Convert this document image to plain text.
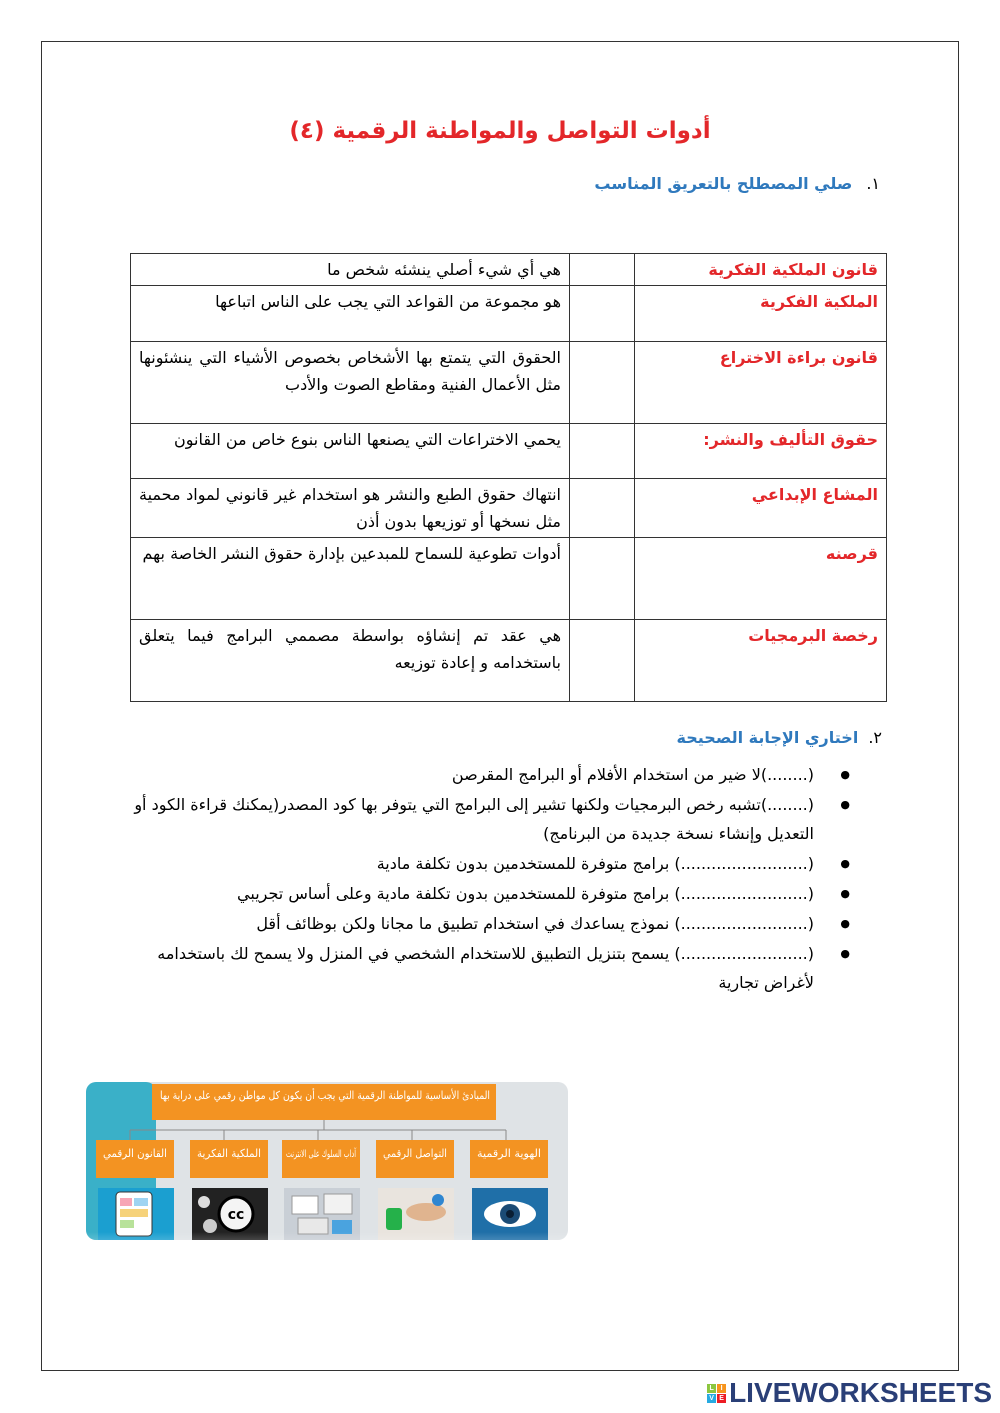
أدوات التواصل والمواطنة الرقمية (٤)
١.صلي المصطلح بالتعريق المناسب
قانون الملكية الفكرية		هي أي شيء أصلي ينشئه شخص ما
الملكية الفكرية		هو مجموعة من القواعد التي يجب على الناس اتباعها
قانون براءة الاختراع		الحقوق التي يتمتع بها الأشخاص بخصوص الأشياء التي ينشئونها مثل الأعمال الفنية ومقاطع الصوت والأدب
حقوق التأليف والنشر:		يحمي الاختراعات التي يصنعها الناس بنوع خاص من القانون
المشاع الإبداعي		انتهاك حقوق الطبع والنشر هو استخدام غير قانوني لمواد محمية مثل نسخها أو توزيعها بدون أذن
قرصنه		أدوات تطوعية للسماح للمبدعين بإدارة حقوق النشر الخاصة بهم
رخصة البرمجيات		هي عقد تم إنشاؤه بواسطة مصممي البرامج فيما يتعلق باستخدامه و إعادة توزيعه
٢.اختاري الإجابة الصحيحة
● (........)لا ضير من استخدام الأفلام أو البرامج المقرصن
● (........)تشبه رخص البرمجيات ولكنها تشير إلى البرامج التي يتوفر بها كود المصدر(يمكنك قراءة الكود أو التعديل وإنشاء نسخة جديدة من البرنامج)
● (.........................) برامج متوفرة للمستخدمين بدون تكلفة مادية
● (.........................) برامج متوفرة للمستخدمين بدون تكلفة مادية وعلى أساس تجريبي
● (.........................) نموذج يساعدك في استخدام تطبيق ما مجانا ولكن بوظائف أقل
● (.........................) يسمح بتنزيل التطبيق للاستخدام الشخصي في المنزل ولا يسمح لك باستخدامه لأغراض تجارية
المبادئ الأساسية للمواطنة الرقمية التي يجب أن يكون كل مواطن رقمي على دراية بها
الهوية الرقمية
التواصل الرقمي
آداب السلوك على الانترنت
الملكية الفكرية
القانون الرقمي
cc
L I
V E LIVEWORKSHEETS
